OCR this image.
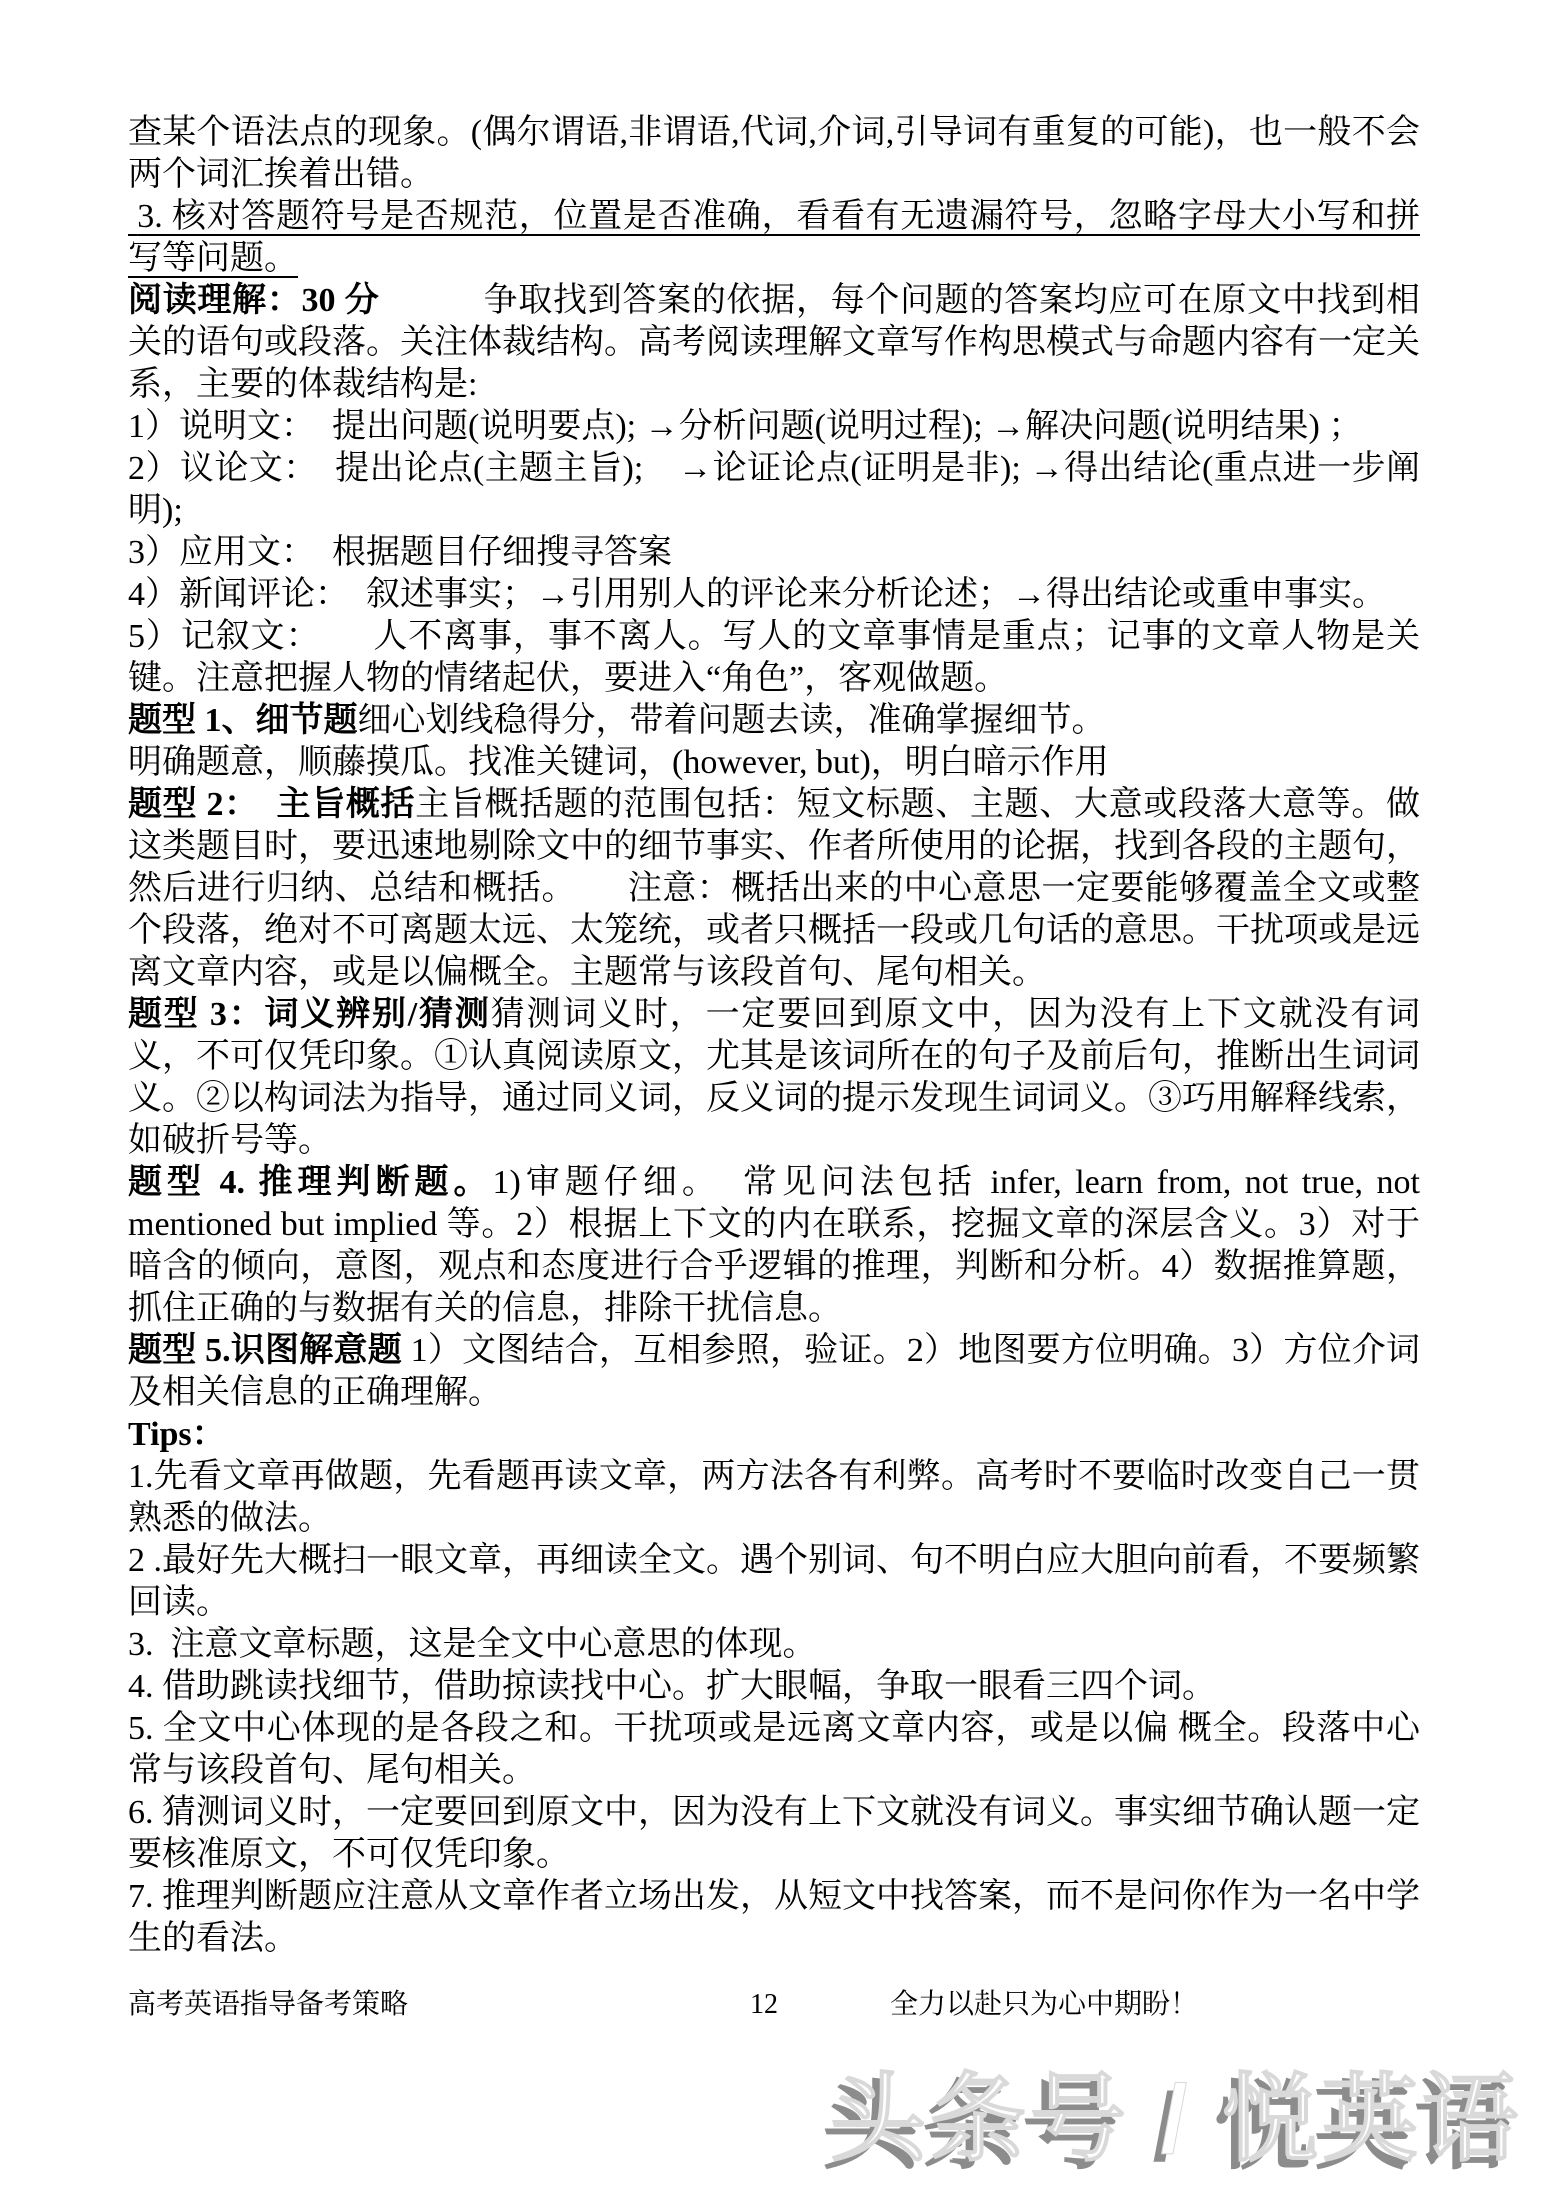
查某个语法点的现象。(偶尔谓语,非谓语,代词,介词,引导词有重复的可能)，也一般不会两个词汇挨着出错。

3. 核对答题符号是否规范，位置是否准确，看看有无遗漏符号，忽略字母大小写和拼写等问题。

阅读理解：30 分　　　争取找到答案的依据，每个问题的答案均应可在原文中找到相关的语句或段落。关注体裁结构。高考阅读理解文章写作构思模式与命题内容有一定关系，主要的体裁结构是:

1）说明文：　提出问题(说明要点); →分析问题(说明过程); →解决问题(说明结果) ；

2）议论文：　提出论点(主题主旨);　→论证论点(证明是非); →得出结论(重点进一步阐明);

3）应用文：　根据题目仔细搜寻答案

4）新闻评论：　叙述事实；→引用别人的评论来分析论述；→得出结论或重申事实。

5）记叙文：　　人不离事，事不离人。写人的文章事情是重点；记事的文章人物是关键。注意把握人物的情绪起伏，要进入“角色”，客观做题。

题型 1、细节题细心划线稳得分，带着问题去读，准确掌握细节。

明确题意，顺藤摸瓜。找准关键词，(however, but)，明白暗示作用

题型 2：　主旨概括主旨概括题的范围包括：短文标题、主题、大意或段落大意等。做这类题目时，要迅速地剔除文中的细节事实、作者所使用的论据，找到各段的主题句，然后进行归纳、总结和概括。　　注意：概括出来的中心意思一定要能够覆盖全文或整个段落，绝对不可离题太远、太笼统，或者只概括一段或几句话的意思。干扰项或是远离文章内容，或是以偏概全。主题常与该段首句、尾句相关。

题型 3：词义辨别/猜测猜测词义时，一定要回到原文中，因为没有上下文就没有词义，不可仅凭印象。①认真阅读原文，尤其是该词所在的句子及前后句，推断出生词词义。②以构词法为指导，通过同义词，反义词的提示发现生词词义。③巧用解释线索，如破折号等。

题型 4. 推理判断题。1)审题仔细。　常见问法包括 infer, learn from, not true, not mentioned but implied 等。2）根据上下文的内在联系，挖掘文章的深层含义。3）对于暗含的倾向，意图，观点和态度进行合乎逻辑的推理，判断和分析。4）数据推算题，抓住正确的与数据有关的信息，排除干扰信息。

题型 5.识图解意题 1）文图结合，互相参照，验证。2）地图要方位明确。3）方位介词及相关信息的正确理解。

Tips：

1.先看文章再做题，先看题再读文章，两方法各有利弊。高考时不要临时改变自己一贯熟悉的做法。

2 .最好先大概扫一眼文章，再细读全文。遇个别词、句不明白应大胆向前看，不要频繁回读。

3.  注意文章标题，这是全文中心意思的体现。

4. 借助跳读找细节，借助掠读找中心。扩大眼幅，争取一眼看三四个词。

5. 全文中心体现的是各段之和。干扰项或是远离文章内容，或是以偏 概全。段落中心常与该段首句、尾句相关。

6. 猜测词义时，一定要回到原文中，因为没有上下文就没有词义。事实细节确认题一定要核准原文，不可仅凭印象。

7. 推理判断题应注意从文章作者立场出发，从短文中找答案，而不是问你作为一名中学生的看法。

高考英语指导备考策略	12	全力以赴只为心中期盼！
头条号 / 悦英语
